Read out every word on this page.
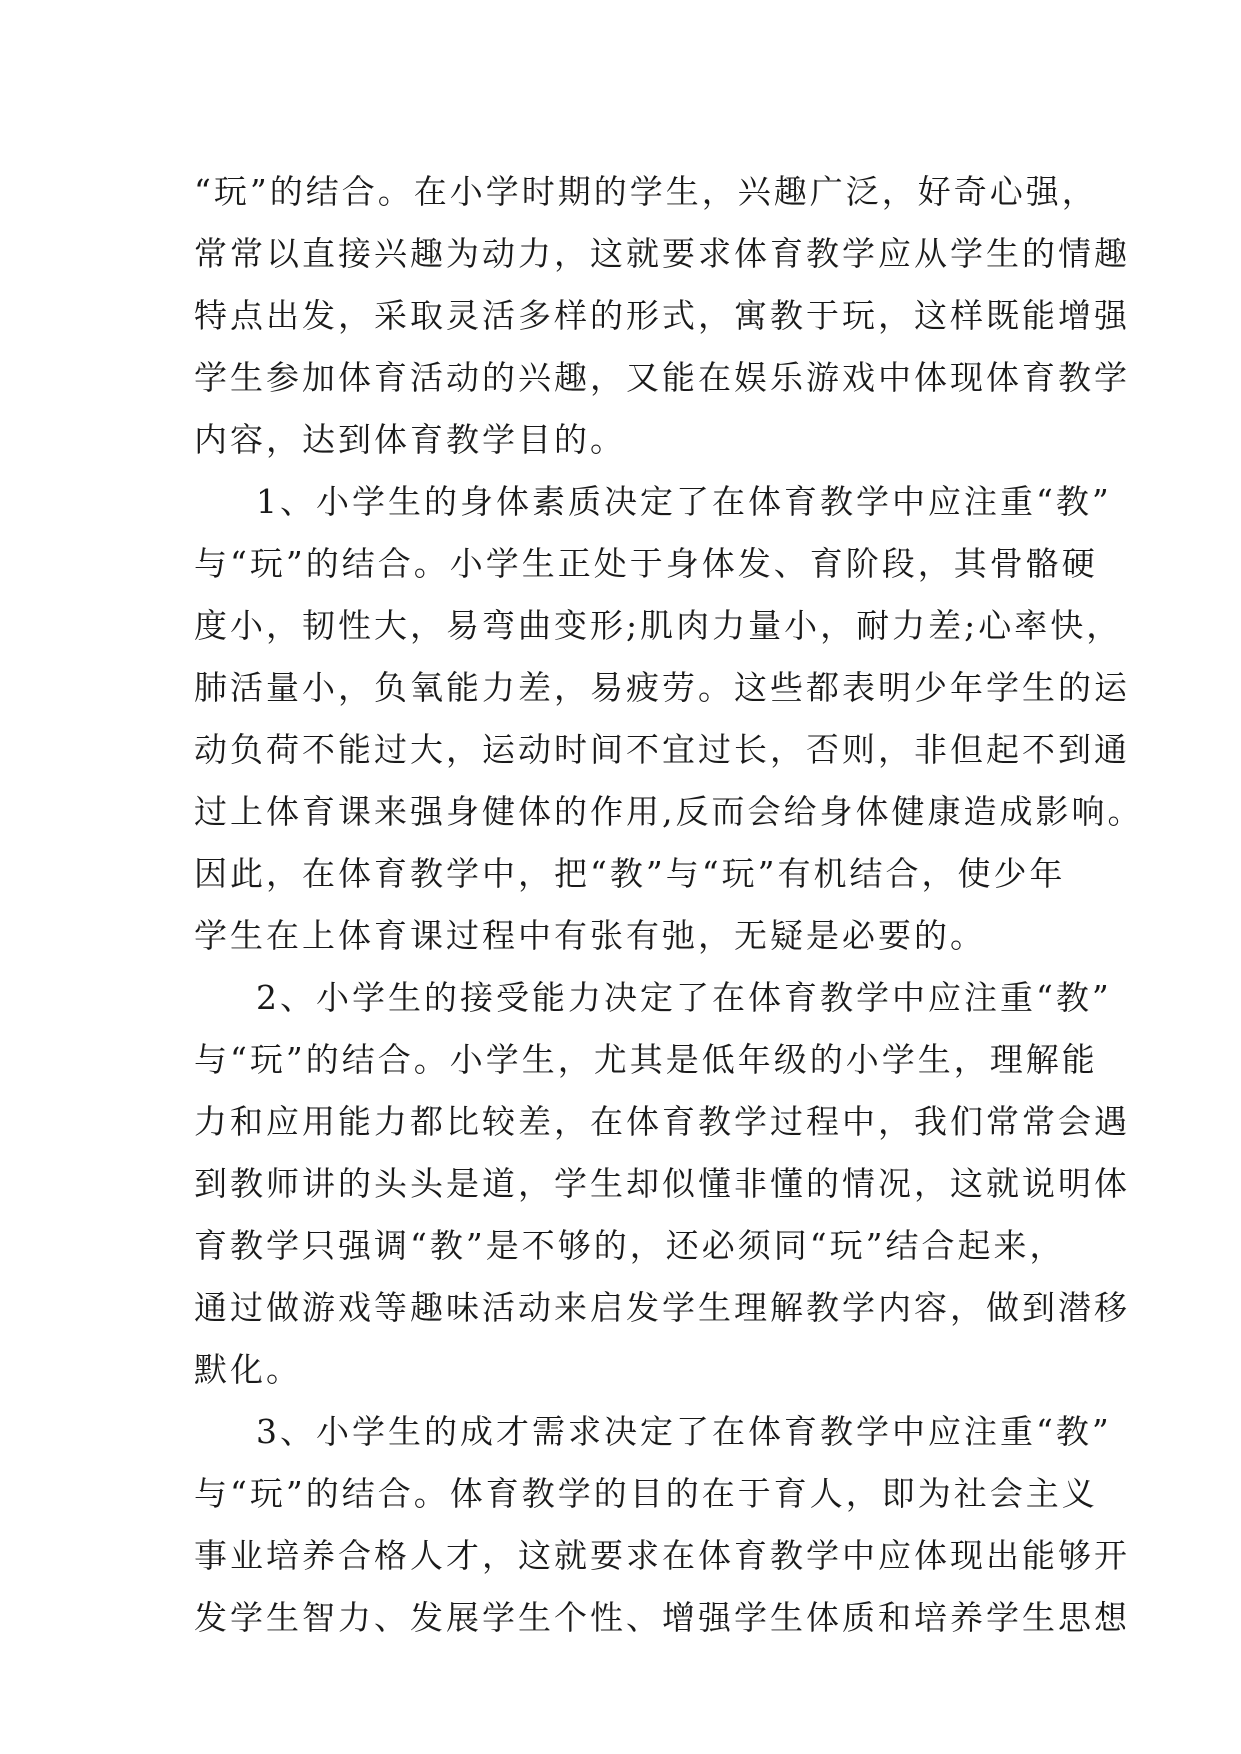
“玩”的结合。在小学时期的学生，兴趣广泛，好奇心强，
常常以直接兴趣为动力，这就要求体育教学应从学生的情趣
特点出发，采取灵活多样的形式，寓教于玩，这样既能增强
学生参加体育活动的兴趣，又能在娱乐游戏中体现体育教学
内容，达到体育教学目的。
1、小学生的身体素质决定了在体育教学中应注重“教”
与“玩”的结合。小学生正处于身体发、育阶段，其骨骼硬
度小，韧性大，易弯曲变形;肌肉力量小，耐力差;心率快，
肺活量小，负氧能力差，易疲劳。这些都表明少年学生的运
动负荷不能过大，运动时间不宜过长，否则，非但起不到通
过上体育课来强身健体的作用,反而会给身体健康造成影响。
因此，在体育教学中，把“教”与“玩”有机结合，使少年
学生在上体育课过程中有张有弛，无疑是必要的。
2、小学生的接受能力决定了在体育教学中应注重“教”
与“玩”的结合。小学生，尤其是低年级的小学生，理解能
力和应用能力都比较差，在体育教学过程中，我们常常会遇
到教师讲的头头是道，学生却似懂非懂的情况，这就说明体
育教学只强调“教”是不够的，还必须同“玩”结合起来，
通过做游戏等趣味活动来启发学生理解教学内容，做到潜移
默化。
3、小学生的成才需求决定了在体育教学中应注重“教”
与“玩”的结合。体育教学的目的在于育人，即为社会主义
事业培养合格人才，这就要求在体育教学中应体现出能够开
发学生智力、发展学生个性、增强学生体质和培养学生思想
